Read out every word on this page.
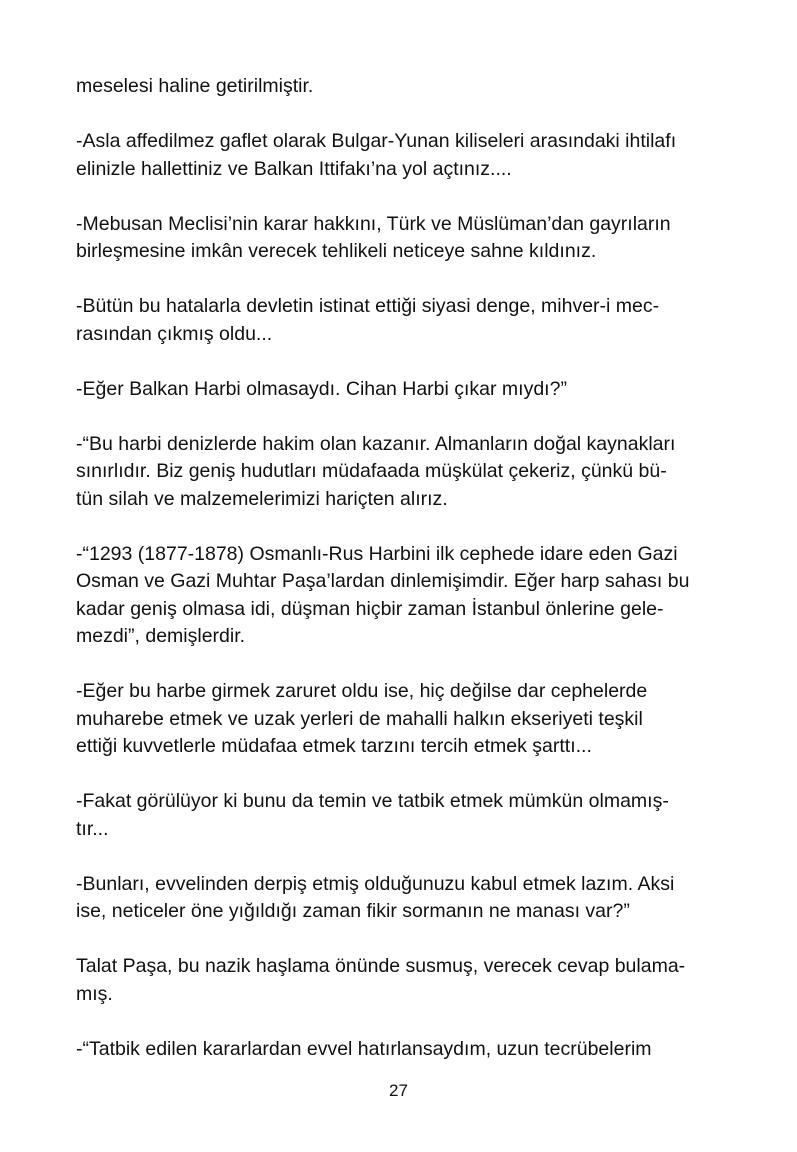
meselesi haline getirilmiştir.

-Asla affedilmez gaflet olarak Bulgar-Yunan kiliseleri arasındaki ihtilafı
elinizle hallettiniz ve Balkan Ittifakı’na yol açtınız....

-Mebusan Meclisi’nin karar hakkını, Türk ve Müslüman’dan gayrıların
birleşmesine imkân verecek tehlikeli neticeye sahne kıldınız.

-Bütün bu hatalarla devletin istinat ettiği siyasi denge, mihver-i mec-
rasından çıkmış oldu...

-Eğer Balkan Harbi olmasaydı. Cihan Harbi çıkar mıydı?”

-“Bu harbi denizlerde hakim olan kazanır. Almanların doğal kaynakları
sınırlıdır. Biz geniş hudutları müdafaada müşkülat çekeriz, çünkü bü-
tün silah ve malzemelerimizi hariçten alırız.

-“1293 (1877-1878) Osmanlı-Rus Harbini ilk cephede idare eden Gazi
Osman ve Gazi Muhtar Paşa’lardan dinlemişimdir. Eğer harp sahası bu
kadar geniş olmasa idi, düşman hiçbir zaman İstanbul önlerine gele-
mezdi”, demişlerdir.

-Eğer bu harbe girmek zaruret oldu ise, hiç değilse dar cephelerde
muharebe etmek ve uzak yerleri de mahalli halkın ekseriyeti teşkil
ettiği kuvvetlerle müdafaa etmek tarzını tercih etmek şarttı...

-Fakat görülüyor ki bunu da temin ve tatbik etmek mümkün olmamış-
tır...

-Bunları, evvelinden derpiş etmiş olduğunuzu kabul etmek lazım. Aksi
ise, neticeler öne yığıldığı zaman fikir sormanın ne manası var?”

Talat Paşa, bu nazik haşlama önünde susmuş, verecek cevap bulama-
mış.

-“Tatbik edilen kararlardan evvel hatırlansaydım, uzun tecrübelerim

27
